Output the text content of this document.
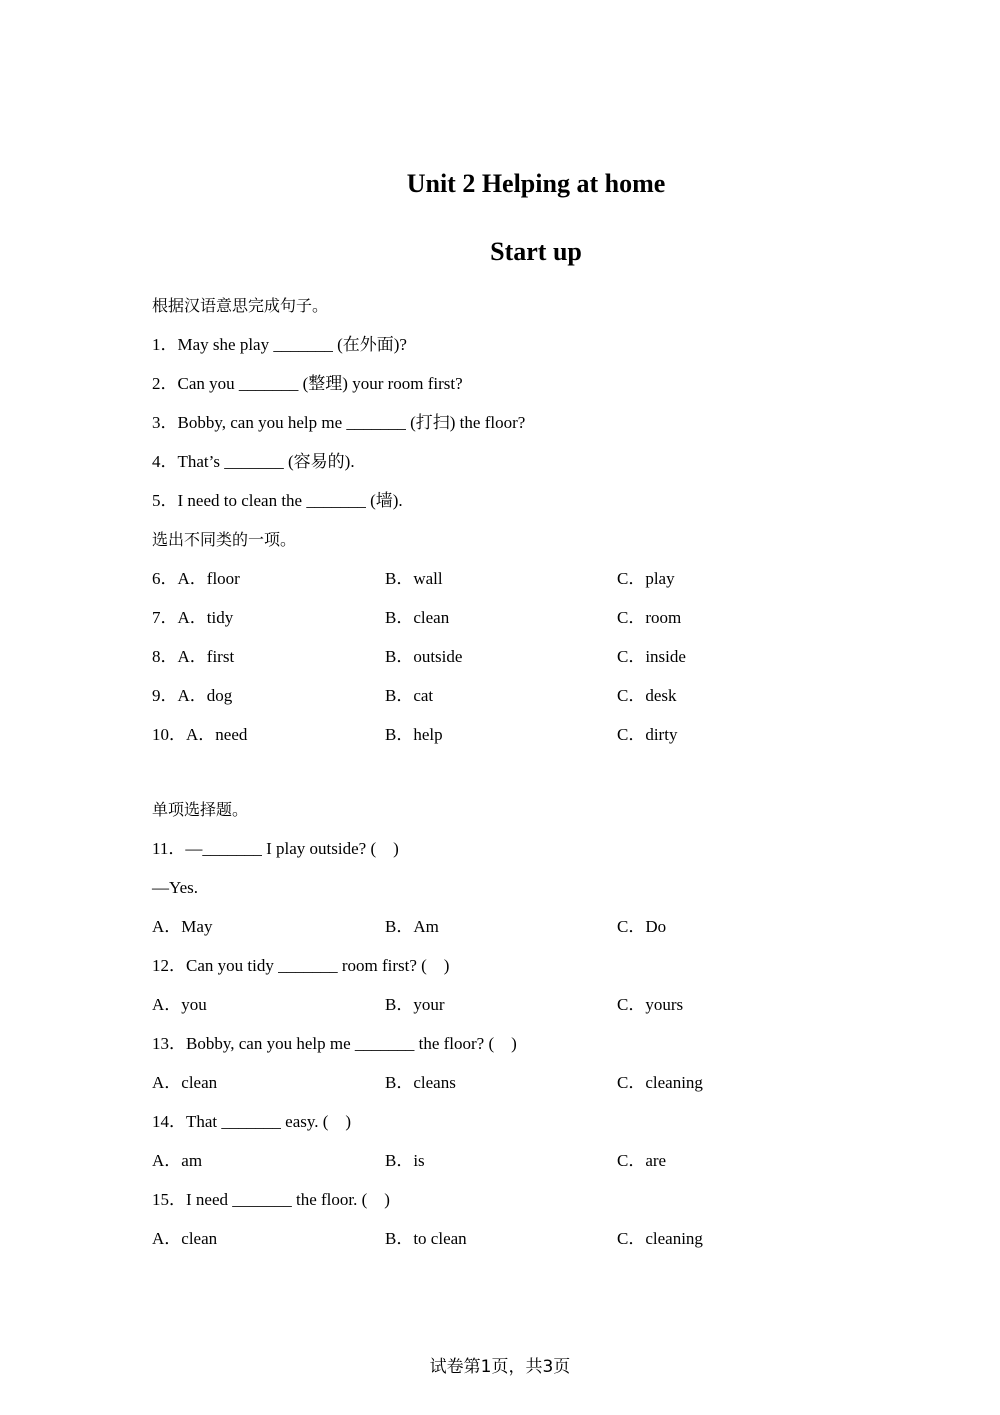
Unit 2 Helping at home
Start up
根据汉语意思完成句子。
1．May she play _______ (在外面)?
2．Can you _______ (整理) your room first?
3．Bobby, can you help me _______ (打扫) the floor?
4．That’s _______ (容易的).
5．I need to clean the _______ (墙).
选出不同类的一项。
6．A．floor	B．wall	C．play
7．A．tidy	B．clean	C．room
8．A．first	B．outside	C．inside
9．A．dog	B．cat	C．desk
10．A．need	B．help	C．dirty
单项选择题。
11．—_______ I play outside? (    )
—Yes.
A．May	B．Am	C．Do
12．Can you tidy _______ room first? (    )
A．you	B．your	C．yours
13．Bobby, can you help me _______ the floor? (    )
A．clean	B．cleans	C．cleaning
14．That _______ easy. (    )
A．am	B．is	C．are
15．I need _______ the floor. (    )
A．clean	B．to clean	C．cleaning
试卷第1页，共3页
